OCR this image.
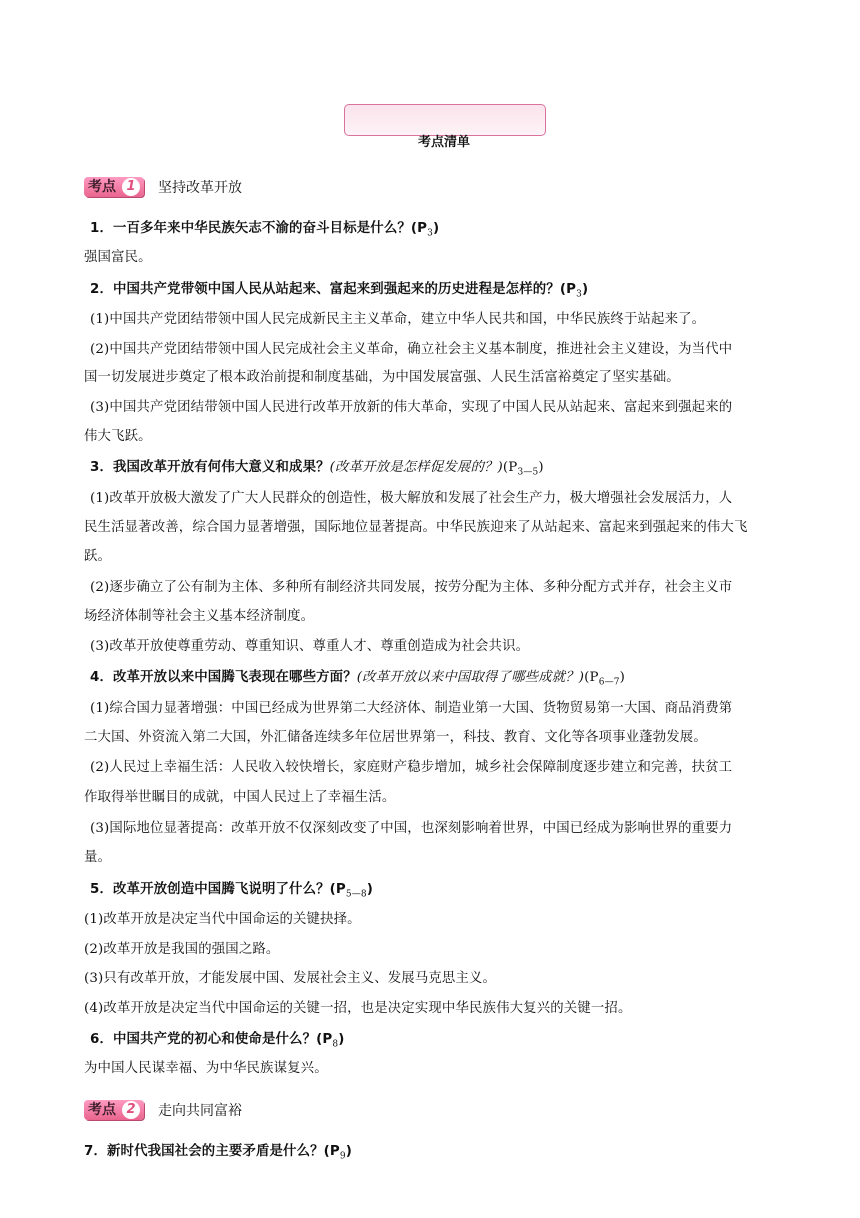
考点清单
考点 1	坚持改革开放
1．一百多年来中华民族矢志不渝的奋斗目标是什么？$(P_3)$
强国富民。
2．中国共产党带领中国人民从站起来、富起来到强起来的历史进程是怎样的？$(P_3)$
(1)中国共产党团结带领中国人民完成新民主主义革命，建立中华人民共和国，中华民族终于站起来了。
(2)中国共产党团结带领中国人民完成社会主义革命，确立社会主义基本制度，推进社会主义建设，为当代中
国一切发展进步奠定了根本政治前提和制度基础，为中国发展富强、人民生活富裕奠定了坚实基础。
(3)中国共产党团结带领中国人民进行改革开放新的伟大革命，实现了中国人民从站起来、富起来到强起来的
伟大飞跃。
3．我国改革开放有何伟大意义和成果？(改革开放是怎样促发展的？)$(P_{3—5})$
(1)改革开放极大激发了广大人民群众的创造性，极大解放和发展了社会生产力，极大增强社会发展活力，人
民生活显著改善，综合国力显著增强，国际地位显著提高。中华民族迎来了从站起来、富起来到强起来的伟大飞
跃。
(2)逐步确立了公有制为主体、多种所有制经济共同发展，按劳分配为主体、多种分配方式并存，社会主义市
场经济体制等社会主义基本经济制度。
(3)改革开放使尊重劳动、尊重知识、尊重人才、尊重创造成为社会共识。
4．改革开放以来中国腾飞表现在哪些方面？(改革开放以来中国取得了哪些成就？)$(P_{6—7})$
(1)综合国力显著增强：中国已经成为世界第二大经济体、制造业第一大国、货物贸易第一大国、商品消费第
二大国、外资流入第二大国，外汇储备连续多年位居世界第一，科技、教育、文化等各项事业蓬勃发展。
(2)人民过上幸福生活：人民收入较快增长，家庭财产稳步增加，城乡社会保障制度逐步建立和完善，扶贫工
作取得举世瞩目的成就，中国人民过上了幸福生活。
(3)国际地位显著提高：改革开放不仅深刻改变了中国，也深刻影响着世界，中国已经成为影响世界的重要力
量。
5．改革开放创造中国腾飞说明了什么？$(P_{5—8})$
(1)改革开放是决定当代中国命运的关键抉择。
(2)改革开放是我国的强国之路。
(3)只有改革开放，才能发展中国、发展社会主义、发展马克思主义。
(4)改革开放是决定当代中国命运的关键一招，也是决定实现中华民族伟大复兴的关键一招。
6．中国共产党的初心和使命是什么？$(P_8)$
为中国人民谋幸福、为中华民族谋复兴。
考点 2	走向共同富裕
7．新时代我国社会的主要矛盾是什么？$(P_9)$
